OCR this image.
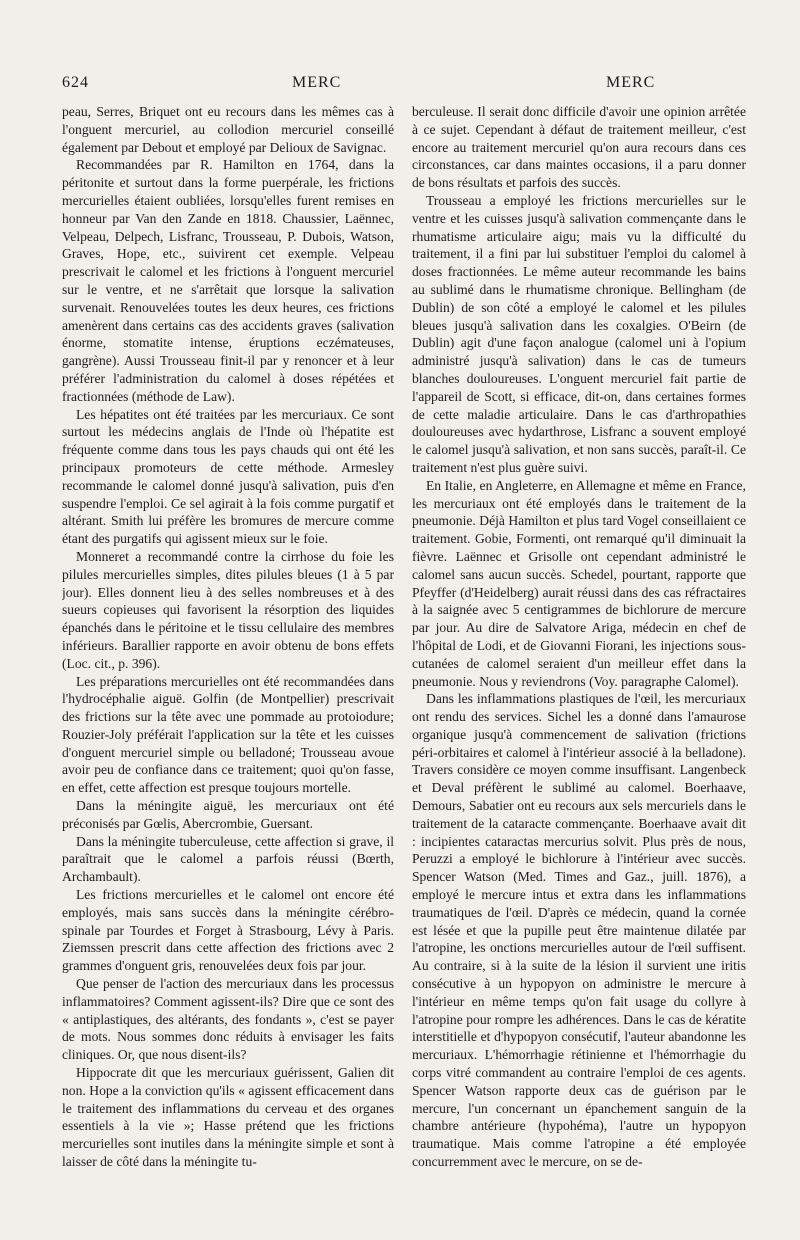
624	MERC	MERC

peau, Serres, Briquet ont eu recours dans les mêmes cas à l'onguent mercuriel, au collodion mercuriel conseillé également par Debout et employé par Delioux de Savignac.

Recommandées par R. Hamilton en 1764, dans la péritonite et surtout dans la forme puerpérale, les frictions mercurielles étaient oubliées, lorsqu'elles furent remises en honneur par Van den Zande en 1818. Chaussier, Laënnec, Velpeau, Delpech, Lisfranc, Trousseau, P. Dubois, Watson, Graves, Hope, etc., suivirent cet exemple. Velpeau prescrivait le calomel et les frictions à l'onguent mercuriel sur le ventre, et ne s'arrêtait que lorsque la salivation survenait. Renouvelées toutes les deux heures, ces frictions amenèrent dans certains cas des accidents graves (salivation énorme, stomatite intense, éruptions eczémateuses, gangrène). Aussi Trousseau finit-il par y renoncer et à leur préférer l'administration du calomel à doses répétées et fractionnées (méthode de Law).

Les hépatites ont été traitées par les mercuriaux. Ce sont surtout les médecins anglais de l'Inde où l'hépatite est fréquente comme dans tous les pays chauds qui ont été les principaux promoteurs de cette méthode. Armesley recommande le calomel donné jusqu'à salivation, puis d'en suspendre l'emploi. Ce sel agirait à la fois comme purgatif et altérant. Smith lui préfère les bromures de mercure comme étant des purgatifs qui agissent mieux sur le foie.

Monneret a recommandé contre la cirrhose du foie les pilules mercurielles simples, dites pilules bleues (1 à 5 par jour). Elles donnent lieu à des selles nombreuses et à des sueurs copieuses qui favorisent la résorption des liquides épanchés dans le péritoine et le tissu cellulaire des membres inférieurs. Barallier rapporte en avoir obtenu de bons effets (Loc. cit., p. 396).

Les préparations mercurielles ont été recommandées dans l'hydrocéphalie aiguë. Golfin (de Montpellier) prescrivait des frictions sur la tête avec une pommade au protoiodure; Rouzier-Joly préférait l'application sur la tête et les cuisses d'onguent mercuriel simple ou belladoné; Trousseau avoue avoir peu de confiance dans ce traitement; quoi qu'on fasse, en effet, cette affection est presque toujours mortelle.

Dans la méningite aiguë, les mercuriaux ont été préconisés par Gœlis, Abercrombie, Guersant.

Dans la méningite tuberculeuse, cette affection si grave, il paraîtrait que le calomel a parfois réussi (Bœrth, Archambault).

Les frictions mercurielles et le calomel ont encore été employés, mais sans succès dans la méningite cérébro-spinale par Tourdes et Forget à Strasbourg, Lévy à Paris. Ziemssen prescrit dans cette affection des frictions avec 2 grammes d'onguent gris, renouvelées deux fois par jour.

Que penser de l'action des mercuriaux dans les processus inflammatoires? Comment agissent-ils? Dire que ce sont des « antiplastiques, des altérants, des fondants », c'est se payer de mots. Nous sommes donc réduits à envisager les faits cliniques. Or, que nous disent-ils?

Hippocrate dit que les mercuriaux guérissent, Galien dit non. Hope a la conviction qu'ils « agissent efficacement dans le traitement des inflammations du cerveau et des organes essentiels à la vie »; Hasse prétend que les frictions mercurielles sont inutiles dans la méningite simple et sont à laisser de côté dans la méningite tu-

berculeuse. Il serait donc difficile d'avoir une opinion arrêtée à ce sujet. Cependant à défaut de traitement meilleur, c'est encore au traitement mercuriel qu'on aura recours dans ces circonstances, car dans maintes occasions, il a paru donner de bons résultats et parfois des succès.

Trousseau a employé les frictions mercurielles sur le ventre et les cuisses jusqu'à salivation commençante dans le rhumatisme articulaire aigu; mais vu la difficulté du traitement, il a fini par lui substituer l'emploi du calomel à doses fractionnées. Le même auteur recommande les bains au sublimé dans le rhumatisme chronique. Bellingham (de Dublin) de son côté a employé le calomel et les pilules bleues jusqu'à salivation dans les coxalgies. O'Beirn (de Dublin) agit d'une façon analogue (calomel uni à l'opium administré jusqu'à salivation) dans le cas de tumeurs blanches douloureuses. L'onguent mercuriel fait partie de l'appareil de Scott, si efficace, dit-on, dans certaines formes de cette maladie articulaire. Dans le cas d'arthropathies douloureuses avec hydarthrose, Lisfranc a souvent employé le calomel jusqu'à salivation, et non sans succès, paraît-il. Ce traitement n'est plus guère suivi.

En Italie, en Angleterre, en Allemagne et même en France, les mercuriaux ont été employés dans le traitement de la pneumonie. Déjà Hamilton et plus tard Vogel conseillaient ce traitement. Gobie, Formenti, ont remarqué qu'il diminuait la fièvre. Laënnec et Grisolle ont cependant administré le calomel sans aucun succès. Schedel, pourtant, rapporte que Pfeyffer (d'Heidelberg) aurait réussi dans des cas réfractaires à la saignée avec 5 centigrammes de bichlorure de mercure par jour. Au dire de Salvatore Ariga, médecin en chef de l'hôpital de Lodi, et de Giovanni Fiorani, les injections sous-cutanées de calomel seraient d'un meilleur effet dans la pneumonie. Nous y reviendrons (Voy. paragraphe Calomel).

Dans les inflammations plastiques de l'œil, les mercuriaux ont rendu des services. Sichel les a donné dans l'amaurose organique jusqu'à commencement de salivation (frictions péri-orbitaires et calomel à l'intérieur associé à la belladone). Travers considère ce moyen comme insuffisant. Langenbeck et Deval préfèrent le sublimé au calomel. Boerhaave, Demours, Sabatier ont eu recours aux sels mercuriels dans le traitement de la cataracte commençante. Boerhaave avait dit : incipientes cataractas mercurius solvit. Plus près de nous, Peruzzi a employé le bichlorure à l'intérieur avec succès. Spencer Watson (Med. Times and Gaz., juill. 1876), a employé le mercure intus et extra dans les inflammations traumatiques de l'œil. D'après ce médecin, quand la cornée est lésée et que la pupille peut être maintenue dilatée par l'atropine, les onctions mercurielles autour de l'œil suffisent. Au contraire, si à la suite de la lésion il survient une iritis consécutive à un hypopyon on administre le mercure à l'intérieur en même temps qu'on fait usage du collyre à l'atropine pour rompre les adhérences. Dans le cas de kératite interstitielle et d'hypopyon consécutif, l'auteur abandonne les mercuriaux. L'hémorrhagie rétinienne et l'hémorrhagie du corps vitré commandent au contraire l'emploi de ces agents. Spencer Watson rapporte deux cas de guérison par le mercure, l'un concernant un épanchement sanguin de la chambre antérieure (hypohéma), l'autre un hypopyon traumatique. Mais comme l'atropine a été employée concurremment avec le mercure, on se de-
